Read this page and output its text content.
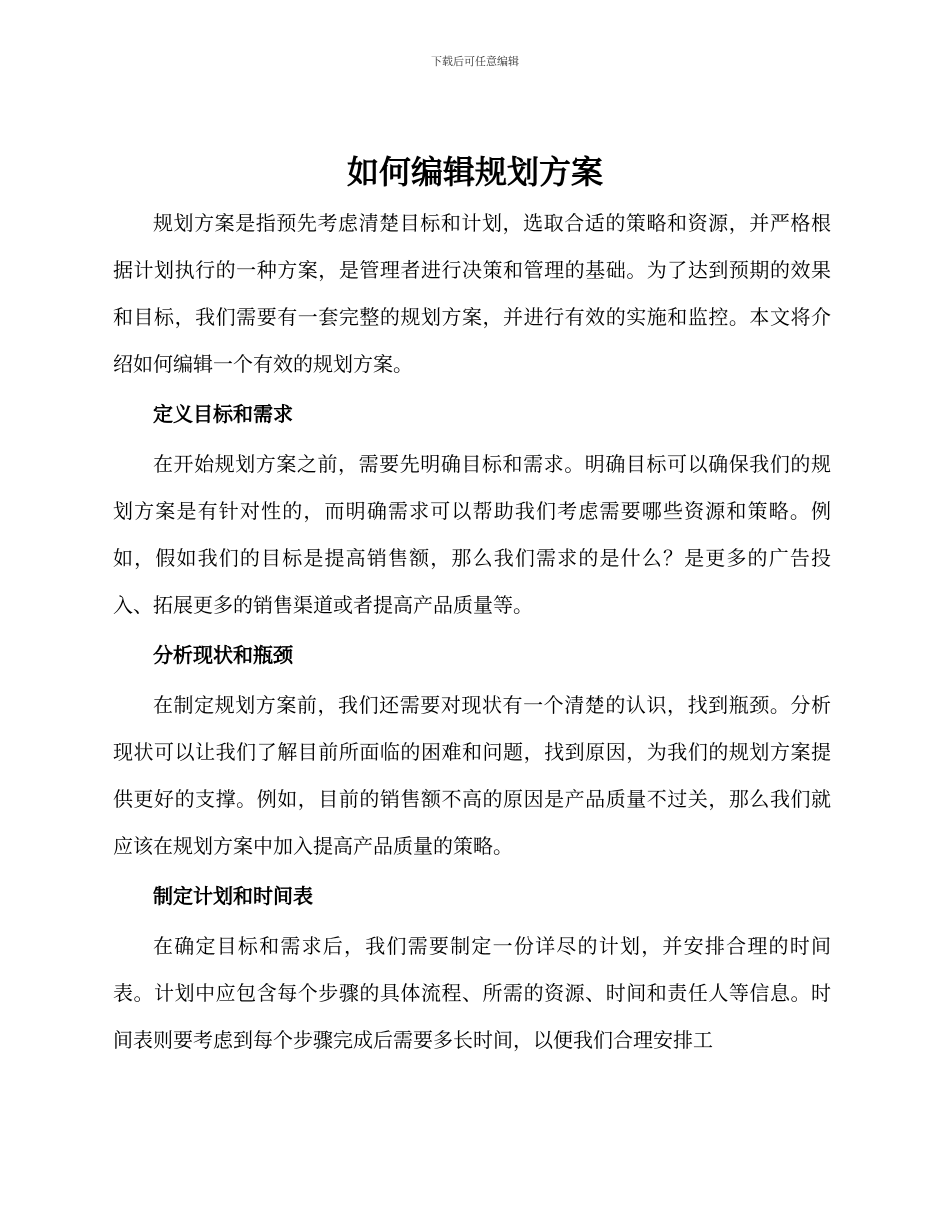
下载后可任意编辑
如何编辑规划方案

规划方案是指预先考虑清楚目标和计划，选取合适的策略和资源，并严格根据计划执行的一种方案，是管理者进行决策和管理的基础。为了达到预期的效果和目标，我们需要有一套完整的规划方案，并进行有效的实施和监控。本文将介绍如何编辑一个有效的规划方案。

定义目标和需求

在开始规划方案之前，需要先明确目标和需求。明确目标可以确保我们的规划方案是有针对性的，而明确需求可以帮助我们考虑需要哪些资源和策略。例如，假如我们的目标是提高销售额，那么我们需求的是什么？是更多的广告投入、拓展更多的销售渠道或者提高产品质量等。

分析现状和瓶颈

在制定规划方案前，我们还需要对现状有一个清楚的认识，找到瓶颈。分析现状可以让我们了解目前所面临的困难和问题，找到原因，为我们的规划方案提供更好的支撑。例如，目前的销售额不高的原因是产品质量不过关，那么我们就应该在规划方案中加入提高产品质量的策略。

制定计划和时间表

在确定目标和需求后，我们需要制定一份详尽的计划，并安排合理的时间表。计划中应包含每个步骤的具体流程、所需的资源、时间和责任人等信息。时间表则要考虑到每个步骤完成后需要多长时间，以便我们合理安排工
